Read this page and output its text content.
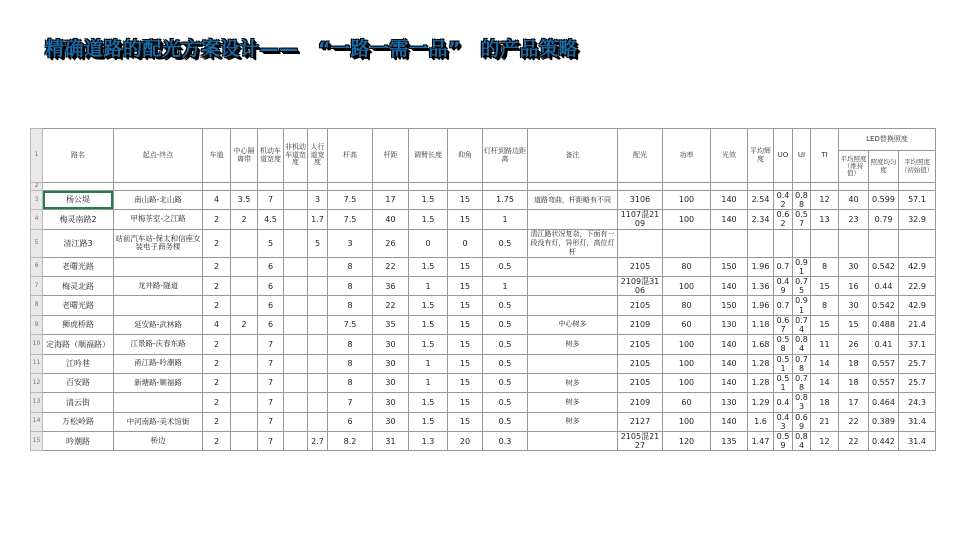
精确道路的配光方案设计——　“一路一需一品”　的产品策略
1	路名	起点-终点	车道	中心隔离带	机动车道宽度	非机动车道宽度	人行道宽度	杆高	杆距	调臂长度	仰角	灯杆到路边距离	备注	配光	功率	光效	平均辉度	UO	UI	TI	LED替换照度		
																					平均照度（维持值）	照度均匀度	平均照度（初始值）
2																							
3	杨公堤	南山路-北山路	4	3.5	7		3	7.5	17	1.5	15	1.75	道路弯曲，杆距略有不同	3106	100	140	2.54	0.42	0.88	12	40	0.599	57.1
4	梅灵南路2	甲梅茶室-之江路	2	2	4.5		1.7	7.5	40	1.5	15	1		1107混2109	100	140	2.34	0.62	0.57	13	23	0.79	32.9
5	清江路3	站前汽车站-保太和信座女装电子商务楼	2		5		5	3	26	0	0	0.5	清江路状况复杂，下面有一段没有灯，异形灯，高位灯杆										
6	老曙光路		2		6			8	22	1.5	15	0.5		2105	80	150	1.96	0.7	0.91	8	30	0.542	42.9
7	梅灵北路	龙井路-隧道	2		6			8	36	1	15	1		2109混3106	100	140	1.36	0.49	0.75	15	16	0.44	22.9
8	老曙光路		2		6			8	22	1.5	15	0.5		2105	80	150	1.96	0.7	0.91	8	30	0.542	42.9
9	狮虎桥路	延安路-武林路	4	2	6			7.5	35	1.5	15	0.5	中心树多	2109	60	130	1.18	0.67	0.74	15	15	0.488	21.4
10	定海路（顺福路）	江景路-庆春东路	2		7			8	30	1.5	15	0.5	树多	2105	100	140	1.68	0.58	0.84	11	26	0.41	37.1
11	江吟巷	甬江路-吟潮路	2		7			8	30	1	15	0.5		2105	100	140	1.28	0.51	0.78	14	18	0.557	25.7
12	百安路	新塘路-顺福路	2		7			8	30	1	15	0.5	树多	2105	100	140	1.28	0.51	0.78	14	18	0.557	25.7
13	清云街		2		7			7	30	1.5	15	0.5	树多	2109	60	130	1.29	0.4	0.83	18	17	0.464	24.3
14	万松岭路	中河南路-美术馆街	2		7			6	30	1.5	15	0.5	树多	2127	100	140	1.6	0.43	0.69	21	22	0.389	31.4
15	吟潮路	桥边	2		7		2.7	8.2	31	1.3	20	0.3		2105混2127	120	135	1.47	0.59	0.84	12	22	0.442	31.4
